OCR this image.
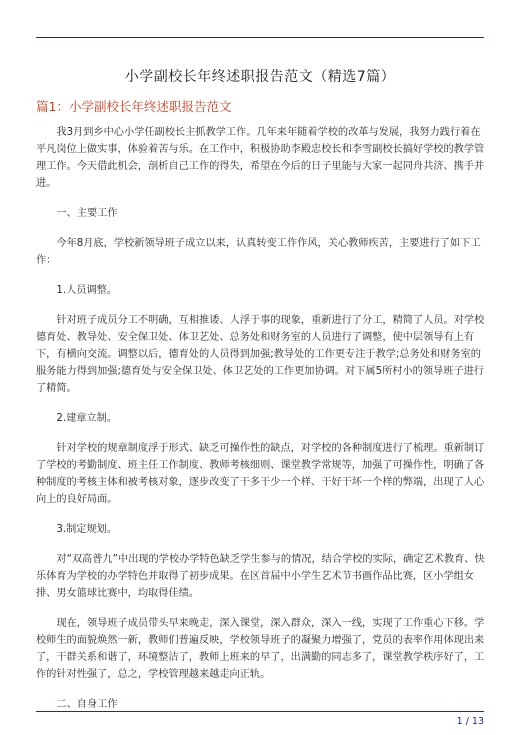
小学副校长年终述职报告范文（精选7篇）
篇1：小学副校长年终述职报告范文

我3月到乡中心小学任副校长主抓教学工作。几年来年随着学校的改革与发展，我努力践行着在平凡岗位上做实事，体验着苦与乐。在工作中，积极协助李殿忠校长和李雪副校长搞好学校的教学管理工作。今天借此机会，剖析自己工作的得失，希望在今后的日子里能与大家一起同舟共济、携手并进。

一、主要工作

今年8月底，学校新领导班子成立以来，认真转变工作作风，关心教师疾苦，主要进行了如下工作：

1.人员调整。

针对班子成员分工不明确，互相推诿、人浮于事的现象，重新进行了分工，精简了人员。对学校德育处、教导处、安全保卫处、体卫艺处、总务处和财务室的人员进行了调整，使中层领导有上有下，有横向交流。调整以后，德育处的人员得到加强;教导处的工作更专注于教学;总务处和财务室的服务能力得到加强;德育处与安全保卫处、体卫艺处的工作更加协调。对下属5所村小的领导班子进行了精简。

2.建章立制。

针对学校的规章制度浮于形式、缺乏可操作性的缺点，对学校的各种制度进行了梳理。重新制订了学校的考勤制度、班主任工作制度、教师考核细则、课堂教学常规等，加强了可操作性，明确了各种制度的考核主体和被考核对象，逐步改变了干多干少一个样、干好干坏一个样的弊端，出现了人心向上的良好局面。

3.制定规划。

对“双高普九”中出现的学校办学特色缺乏学生参与的情况，结合学校的实际，确定艺术教育、快乐体育为学校的办学特色并取得了初步成果。在区首届中小学生艺术节书画作品比赛，区小学组女排、男女篮球比赛中，均取得佳绩。

现在，领导班子成员带头早来晚走，深入课堂，深入群众，深入一线，实现了工作重心下移。学校师生的面貌焕然一新，教师们普遍反映，学校领导班子的凝聚力增强了，党员的表率作用体现出来了，干群关系和谐了，环境整洁了，教师上班来的早了，出满勤的同志多了，课堂教学秩序好了，工作的针对性强了，总之，学校管理越来越走向正轨。

二、自身工作

1 / 13
